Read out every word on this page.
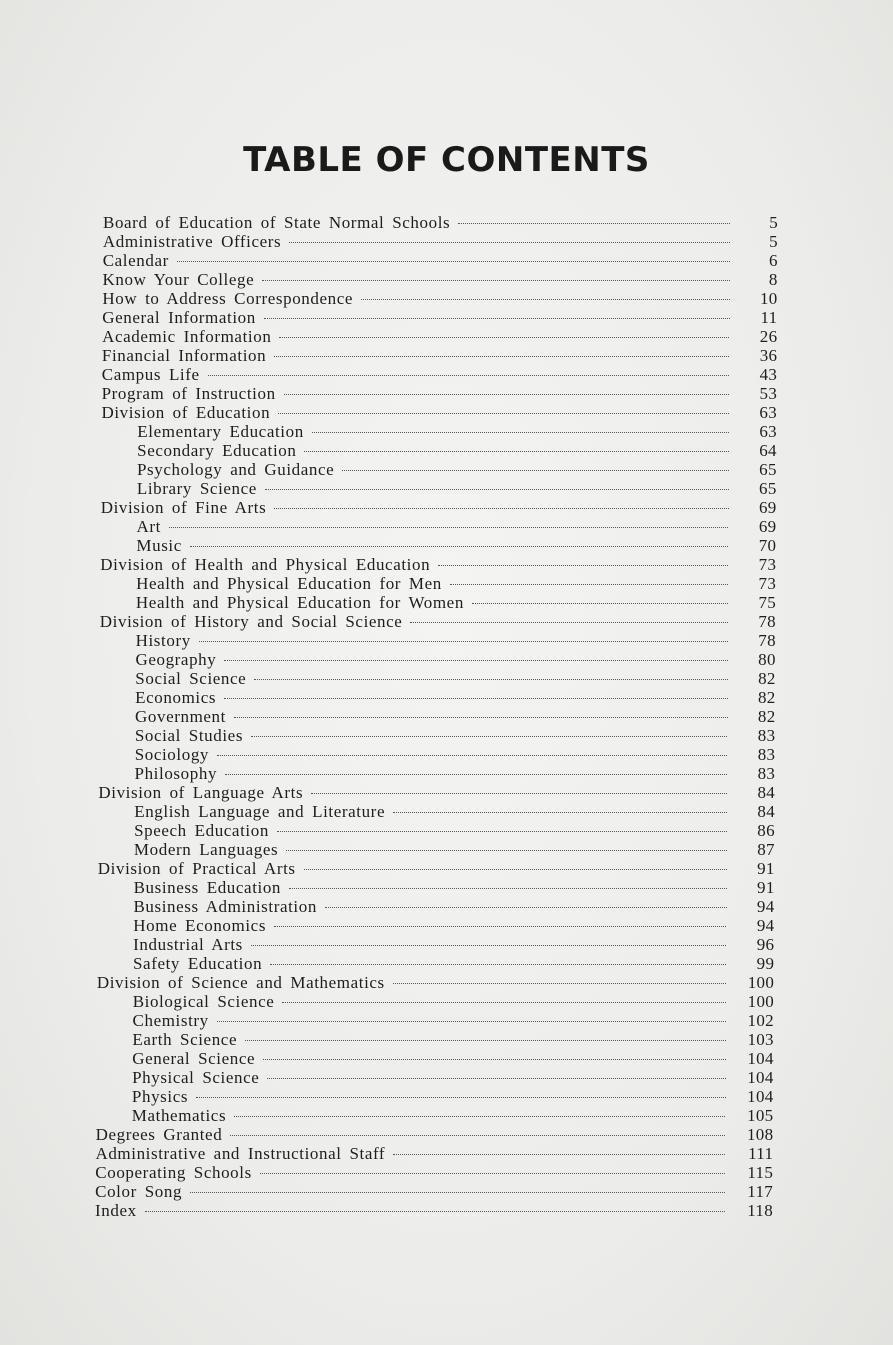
TABLE OF CONTENTS
Board of Education of State Normal Schools	5
Administrative Officers	5
Calendar	6
Know Your College	8
How to Address Correspondence	10
General Information	11
Academic Information	26
Financial Information	36
Campus Life	43
Program of Instruction	53
Division of Education	63
Elementary Education	63
Secondary Education	64
Psychology and Guidance	65
Library Science	65
Division of Fine Arts	69
Art	69
Music	70
Division of Health and Physical Education	73
Health and Physical Education for Men	73
Health and Physical Education for Women	75
Division of History and Social Science	78
History	78
Geography	80
Social Science	82
Economics	82
Government	82
Social Studies	83
Sociology	83
Philosophy	83
Division of Language Arts	84
English Language and Literature	84
Speech Education	86
Modern Languages	87
Division of Practical Arts	91
Business Education	91
Business Administration	94
Home Economics	94
Industrial Arts	96
Safety Education	99
Division of Science and Mathematics	100
Biological Science	100
Chemistry	102
Earth Science	103
General Science	104
Physical Science	104
Physics	104
Mathematics	105
Degrees Granted	108
Administrative and Instructional Staff	111
Cooperating Schools	115
Color Song	117
Index	118
